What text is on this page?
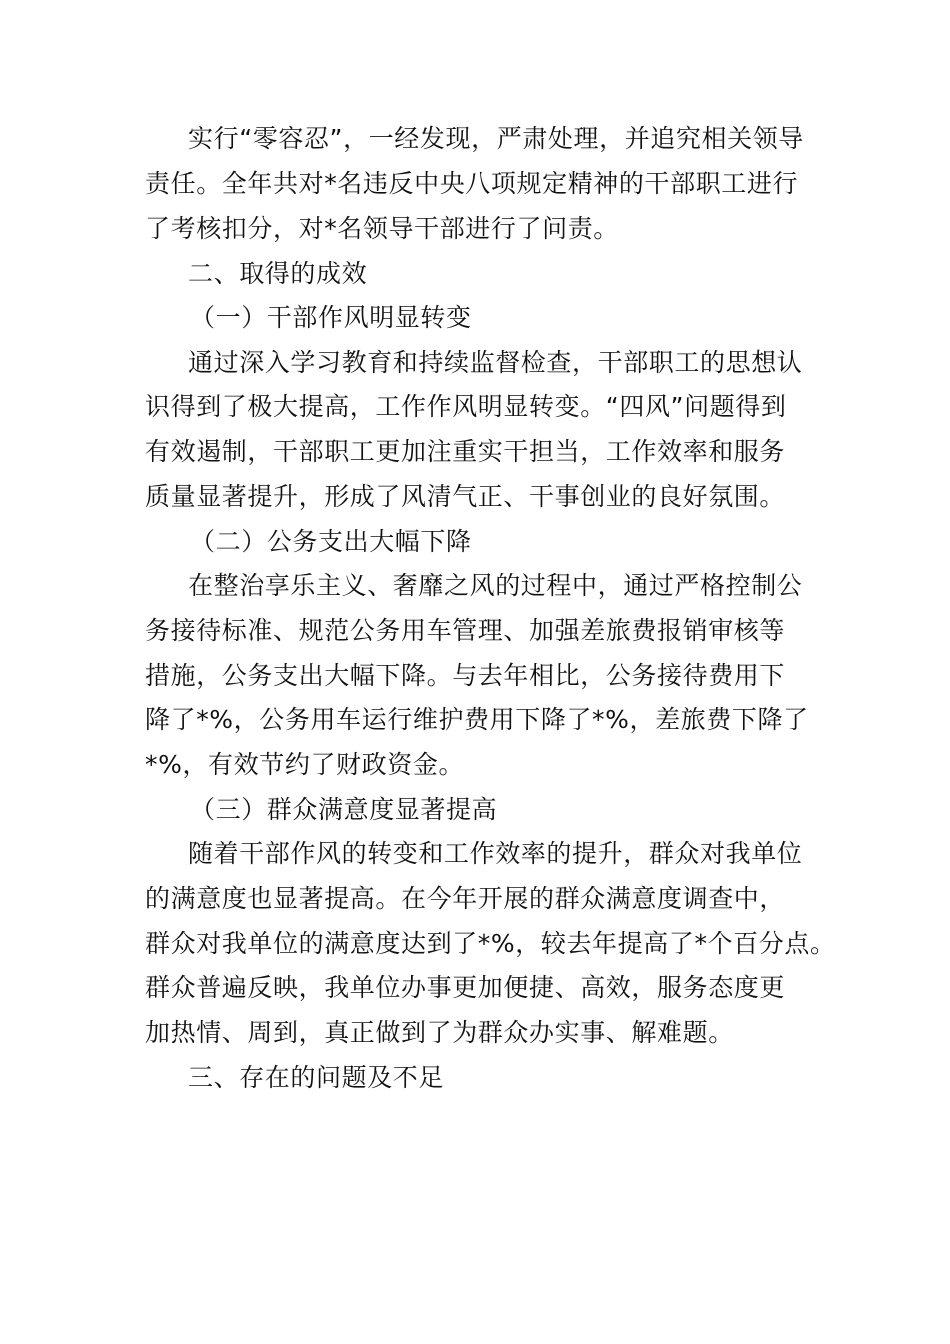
实行“零容忍”，一经发现，严肃处理，并追究相关领导
责任。全年共对*名违反中央八项规定精神的干部职工进行
了考核扣分，对*名领导干部进行了问责。
二、取得的成效
（一）干部作风明显转变
通过深入学习教育和持续监督检查，干部职工的思想认
识得到了极大提高，工作作风明显转变。“四风”问题得到
有效遏制，干部职工更加注重实干担当，工作效率和服务
质量显著提升，形成了风清气正、干事创业的良好氛围。
（二）公务支出大幅下降
在整治享乐主义、奢靡之风的过程中，通过严格控制公
务接待标准、规范公务用车管理、加强差旅费报销审核等
措施，公务支出大幅下降。与去年相比，公务接待费用下
降了*%，公务用车运行维护费用下降了*%，差旅费下降了
*%，有效节约了财政资金。
（三）群众满意度显著提高
随着干部作风的转变和工作效率的提升，群众对我单位
的满意度也显著提高。在今年开展的群众满意度调查中，
群众对我单位的满意度达到了*%，较去年提高了*个百分点。
群众普遍反映，我单位办事更加便捷、高效，服务态度更
加热情、周到，真正做到了为群众办实事、解难题。
三、存在的问题及不足
